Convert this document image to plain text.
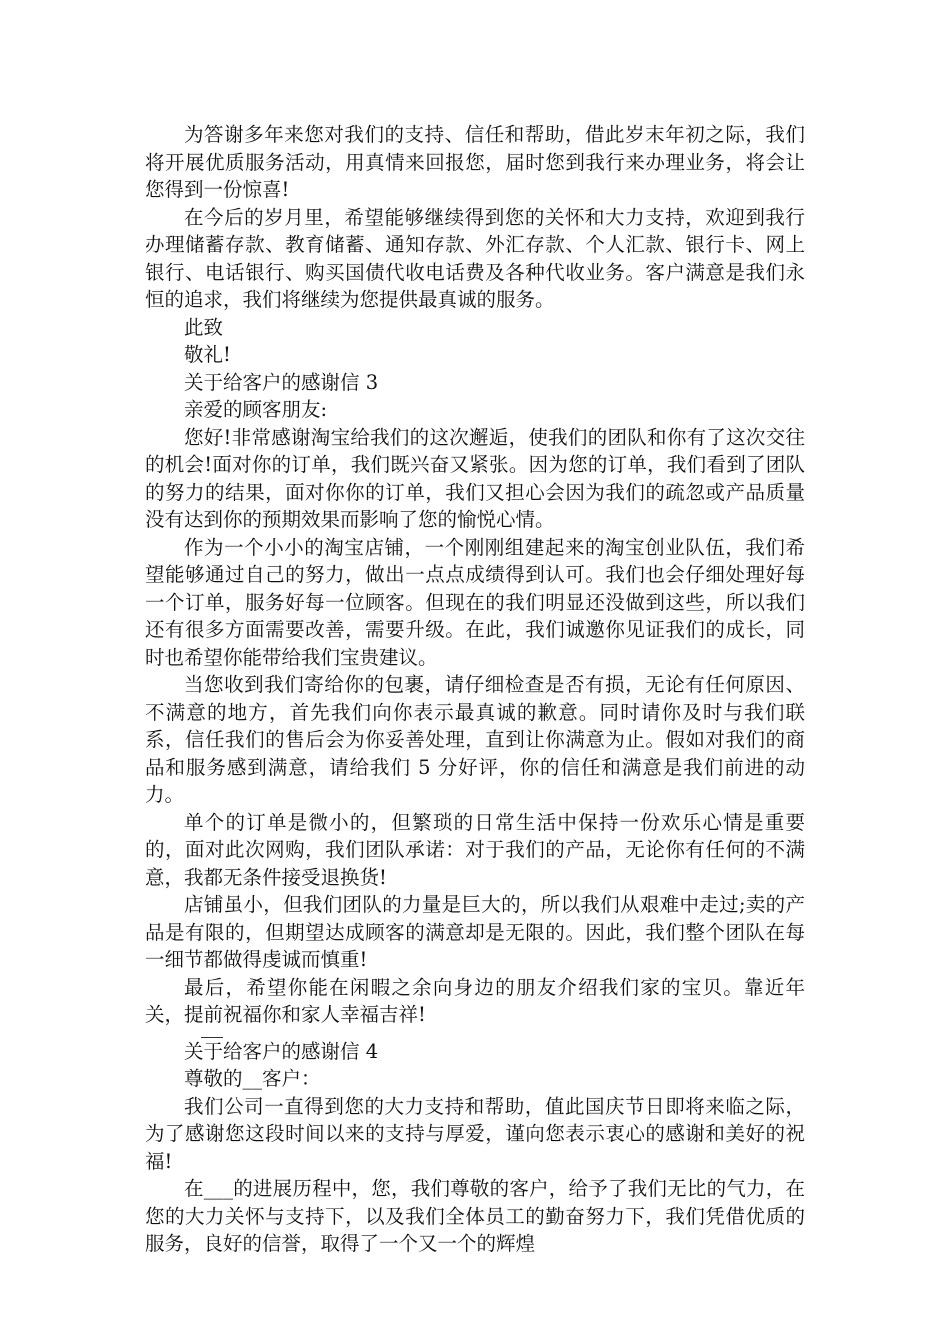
为答谢多年来您对我们的支持、信任和帮助，借此岁末年初之际，我们将开展优质服务活动，用真情来回报您，届时您到我行来办理业务，将会让您得到一份惊喜!

在今后的岁月里，希望能够继续得到您的关怀和大力支持，欢迎到我行办理储蓄存款、教育储蓄、通知存款、外汇存款、个人汇款、银行卡、网上银行、电话银行、购买国债代收电话费及各种代收业务。客户满意是我们永恒的追求，我们将继续为您提供最真诚的服务。

此致

敬礼!

关于给客户的感谢信 3

亲爱的顾客朋友:

您好!非常感谢淘宝给我们的这次邂逅，使我们的团队和你有了这次交往的机会!面对你的订单，我们既兴奋又紧张。因为您的订单，我们看到了团队的努力的结果，面对你你的订单，我们又担心会因为我们的疏忽或产品质量没有达到你的预期效果而影响了您的愉悦心情。

作为一个小小的淘宝店铺，一个刚刚组建起来的淘宝创业队伍，我们希望能够通过自己的努力，做出一点点成绩得到认可。我们也会仔细处理好每一个订单，服务好每一位顾客。但现在的我们明显还没做到这些，所以我们还有很多方面需要改善，需要升级。在此，我们诚邀你见证我们的成长，同时也希望你能带给我们宝贵建议。

当您收到我们寄给你的包裹，请仔细检查是否有损，无论有任何原因、不满意的地方，首先我们向你表示最真诚的歉意。同时请你及时与我们联系，信任我们的售后会为你妥善处理，直到让你满意为止。假如对我们的商品和服务感到满意，请给我们 5 分好评，你的信任和满意是我们前进的动力。

单个的订单是微小的，但繁琐的日常生活中保持一份欢乐心情是重要的，面对此次网购，我们团队承诺：对于我们的产品，无论你有任何的不满意，我都无条件接受退换货!

店铺虽小，但我们团队的力量是巨大的，所以我们从艰难中走过;卖的产品是有限的，但期望达成顾客的满意却是无限的。因此，我们整个团队在每一细节都做得虔诚而慎重!

最后，希望你能在闲暇之余向身边的朋友介绍我们家的宝贝。靠近年关，提前祝福你和家人幸福吉祥!

关于给客户的感谢信 4

尊敬的__客户：

我们公司一直得到您的大力支持和帮助，值此国庆节日即将来临之际，为了感谢您这段时间以来的支持与厚爱，谨向您表示衷心的感谢和美好的祝福!

在___的进展历程中，您，我们尊敬的客户，给予了我们无比的气力，在您的大力关怀与支持下，以及我们全体员工的勤奋努力下，我们凭借优质的服务，良好的信誉，取得了一个又一个的辉煌
